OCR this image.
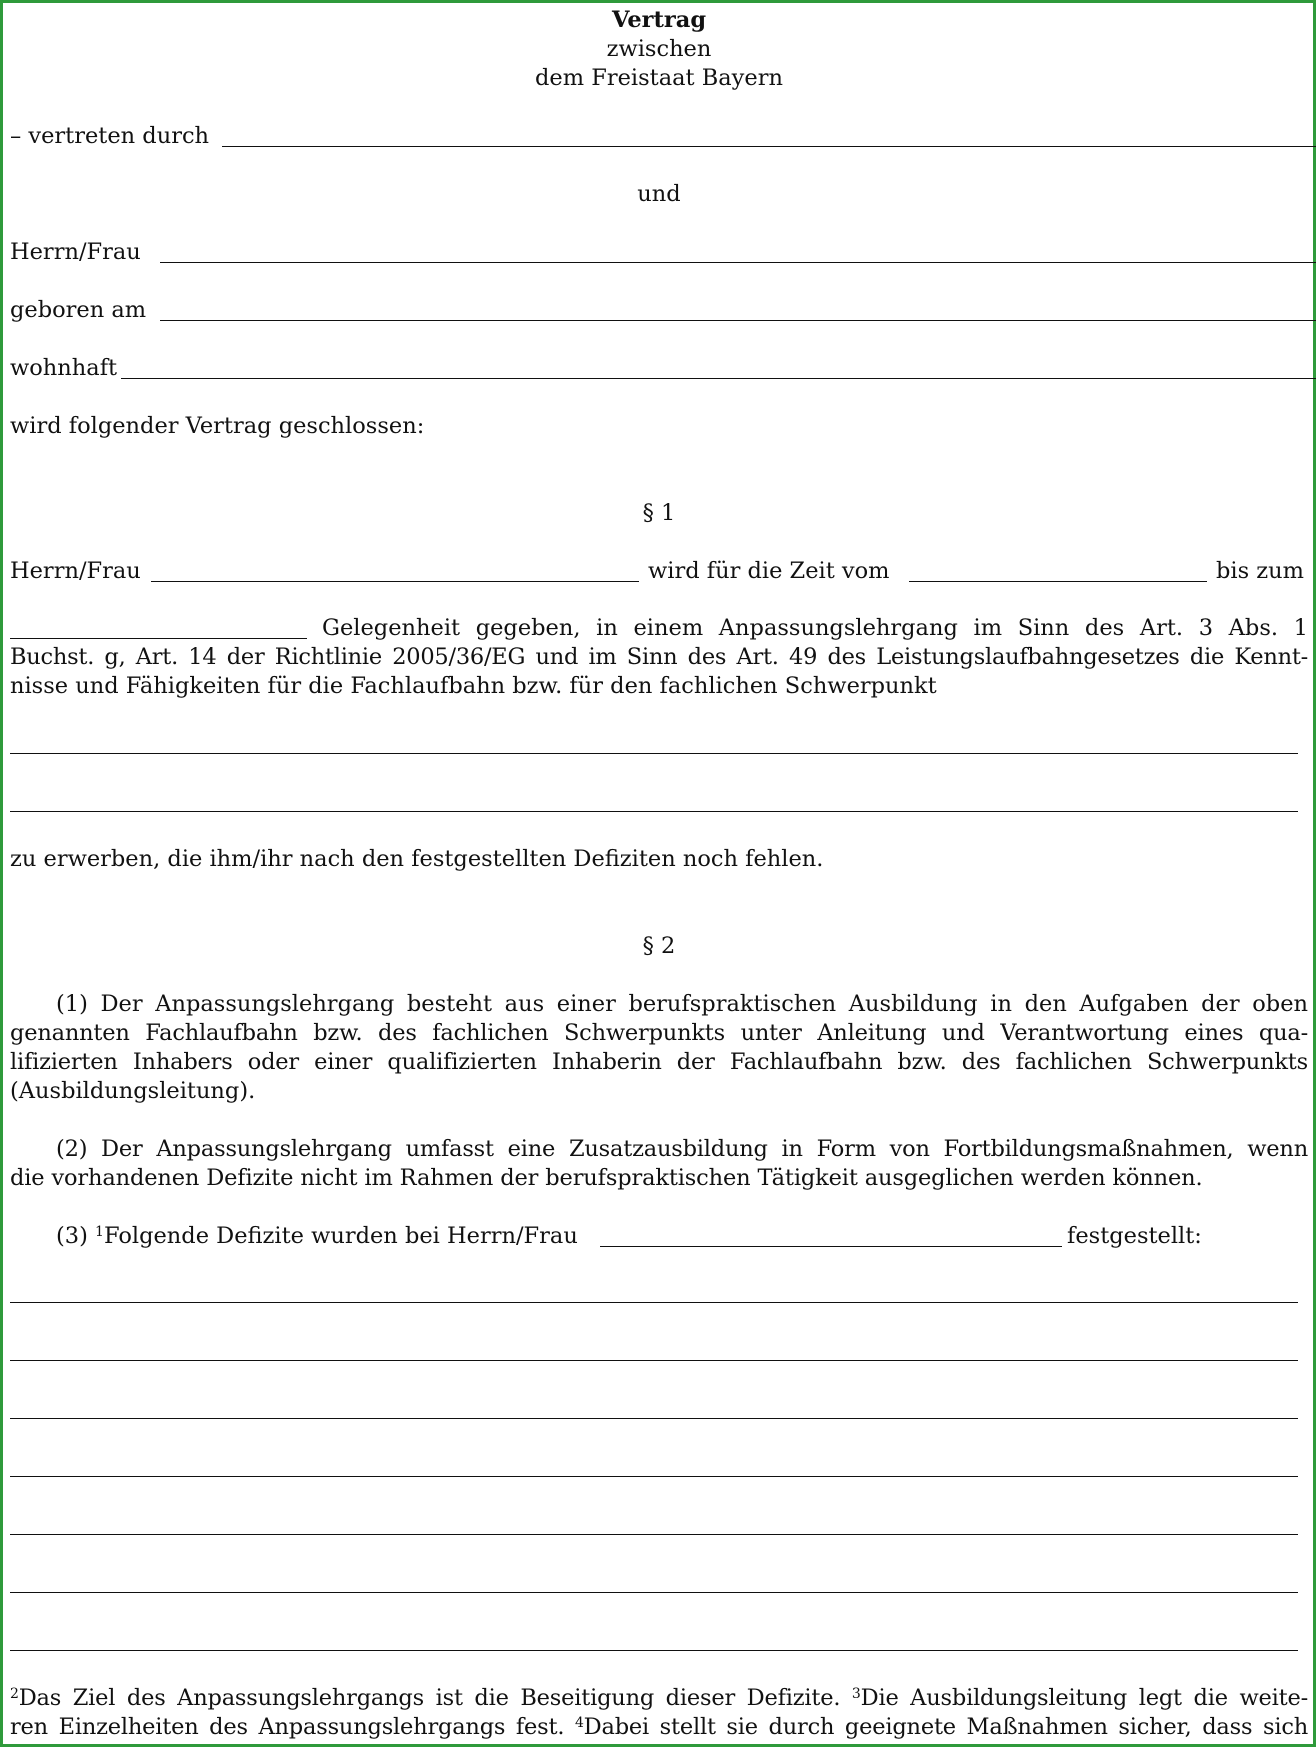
Vertrag
zwischen
dem Freistaat Bayern
– vertreten durch
und
Herrn/Frau
geboren am
wohnhaft
wird folgender Vertrag geschlossen:
§ 1
Herrn/Frau	wird für die Zeit vom	bis zum
Gelegenheit gegeben, in einem Anpassungslehrgang im Sinn des Art. 3 Abs. 1
Buchst. g, Art. 14 der Richtlinie 2005/36/EG und im Sinn des Art. 49 des Leistungslaufbahngesetzes die Kennt-
nisse und Fähigkeiten für die Fachlaufbahn bzw. für den fachlichen Schwerpunkt
zu erwerben, die ihm/ihr nach den festgestellten Defiziten noch fehlen.
§ 2
(1) Der Anpassungslehrgang besteht aus einer berufspraktischen Ausbildung in den Aufgaben der oben
genannten Fachlaufbahn bzw. des fachlichen Schwerpunkts unter Anleitung und Verantwortung eines qua-
lifizierten Inhabers oder einer qualifizierten Inhaberin der Fachlaufbahn bzw. des fachlichen Schwerpunkts
(Ausbildungsleitung).
(2) Der Anpassungslehrgang umfasst eine Zusatzausbildung in Form von Fortbildungsmaßnahmen, wenn
die vorhandenen Defizite nicht im Rahmen der berufspraktischen Tätigkeit ausgeglichen werden können.
(3) $^1$Folgende Defizite wurden bei Herrn/Frau	festgestellt:
$^2$Das Ziel des Anpassungslehrgangs ist die Beseitigung dieser Defizite. $^3$Die Ausbildungsleitung legt die weite-
ren Einzelheiten des Anpassungslehrgangs fest. $^4$Dabei stellt sie durch geeignete Maßnahmen sicher, dass sich
